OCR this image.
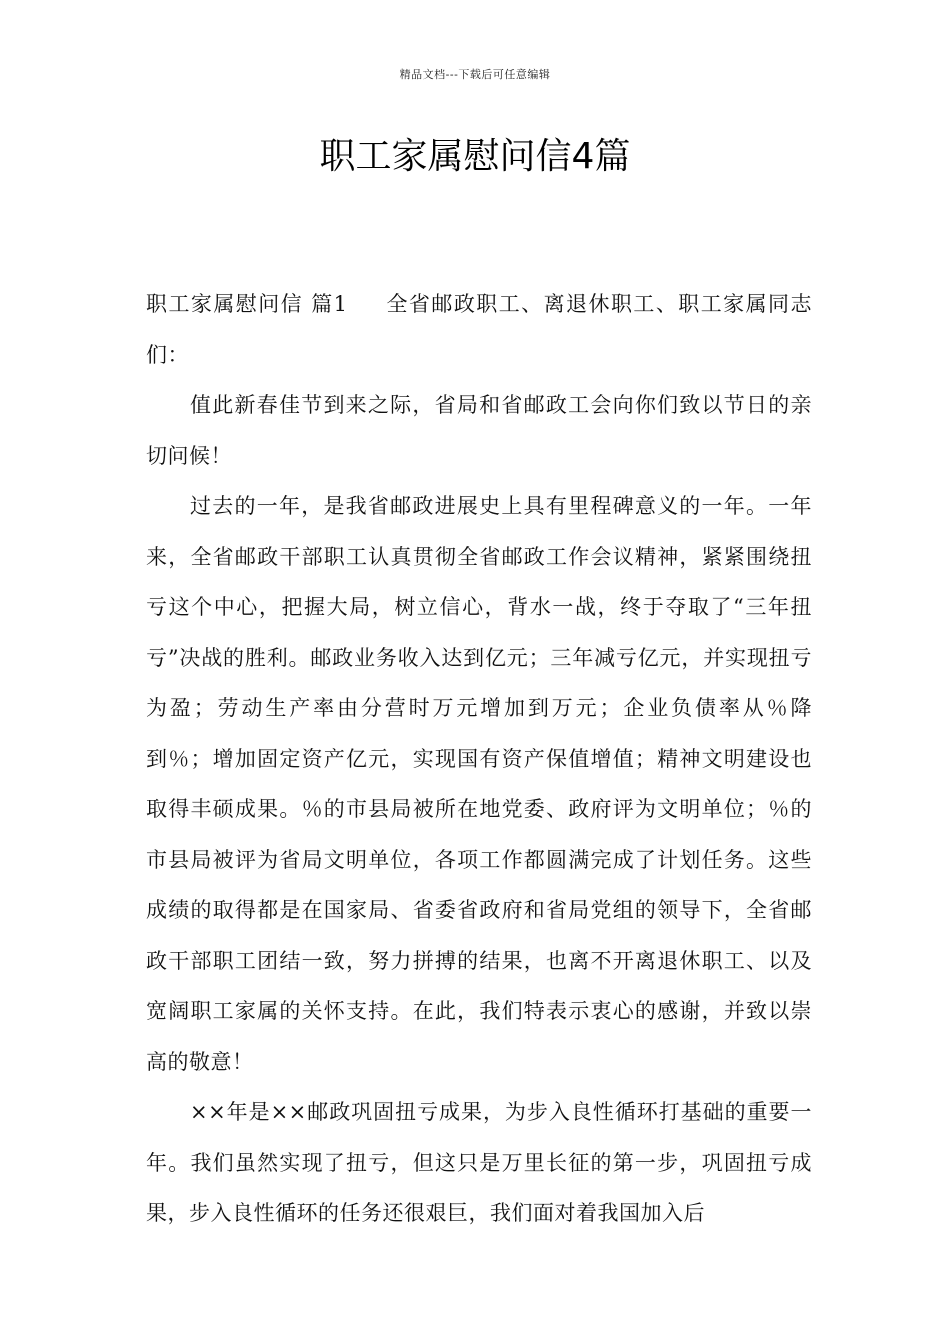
精品文档---下载后可任意编辑
职工家属慰问信4篇

职工家属慰问信 篇1 全省邮政职工、离退休职工、职工家属同志们：

值此新春佳节到来之际，省局和省邮政工会向你们致以节日的亲切问候！

过去的一年，是我省邮政进展史上具有里程碑意义的一年。一年来，全省邮政干部职工认真贯彻全省邮政工作会议精神，紧紧围绕扭亏这个中心，把握大局，树立信心，背水一战，终于夺取了“三年扭亏”决战的胜利。邮政业务收入达到亿元；三年减亏亿元，并实现扭亏为盈；劳动生产率由分营时万元增加到万元；企业负债率从％降到％；增加固定资产亿元，实现国有资产保值增值；精神文明建设也取得丰硕成果。％的市县局被所在地党委、政府评为文明单位；％的市县局被评为省局文明单位，各项工作都圆满完成了计划任务。这些成绩的取得都是在国家局、省委省政府和省局党组的领导下，全省邮政干部职工团结一致，努力拼搏的结果，也离不开离退休职工、以及宽阔职工家属的关怀支持。在此，我们特表示衷心的感谢，并致以崇高的敬意！

××年是××邮政巩固扭亏成果，为步入良性循环打基础的重要一年。我们虽然实现了扭亏，但这只是万里长征的第一步，巩固扭亏成果，步入良性循环的任务还很艰巨，我们面对着我国加入后
